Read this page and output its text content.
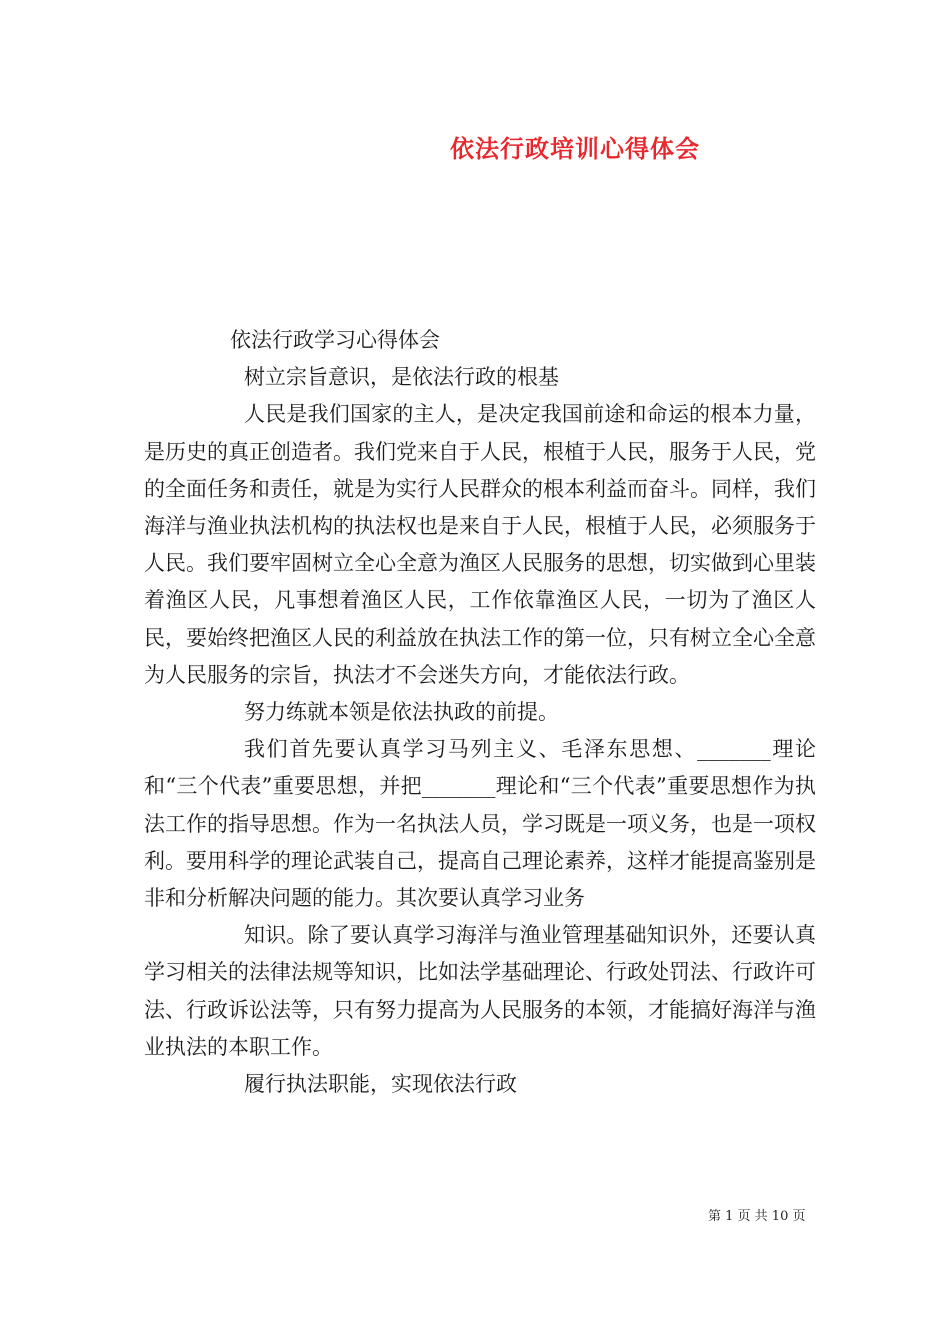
依法行政培训心得体会

依法行政学习心得体会

树立宗旨意识，是依法行政的根基

人民是我们国家的主人，是决定我国前途和命运的根本力量，是历史的真正创造者。我们党来自于人民，根植于人民，服务于人民，党的全面任务和责任，就是为实行人民群众的根本利益而奋斗。同样，我们海洋与渔业执法机构的执法权也是来自于人民，根植于人民，必须服务于人民。我们要牢固树立全心全意为渔区人民服务的思想，切实做到心里装着渔区人民，凡事想着渔区人民，工作依靠渔区人民，一切为了渔区人民，要始终把渔区人民的利益放在执法工作的第一位，只有树立全心全意为人民服务的宗旨，执法才不会迷失方向，才能依法行政。

努力练就本领是依法执政的前提。

我们首先要认真学习马列主义、毛泽东思想、_______理论和“三个代表”重要思想，并把_______理论和“三个代表”重要思想作为执法工作的指导思想。作为一名执法人员，学习既是一项义务，也是一项权利。要用科学的理论武装自己，提高自己理论素养，这样才能提高鉴别是非和分析解决问题的能力。其次要认真学习业务

知识。除了要认真学习海洋与渔业管理基础知识外，还要认真学习相关的法律法规等知识，比如法学基础理论、行政处罚法、行政许可法、行政诉讼法等，只有努力提高为人民服务的本领，才能搞好海洋与渔业执法的本职工作。

履行执法职能，实现依法行政

第 1 页 共 10 页
